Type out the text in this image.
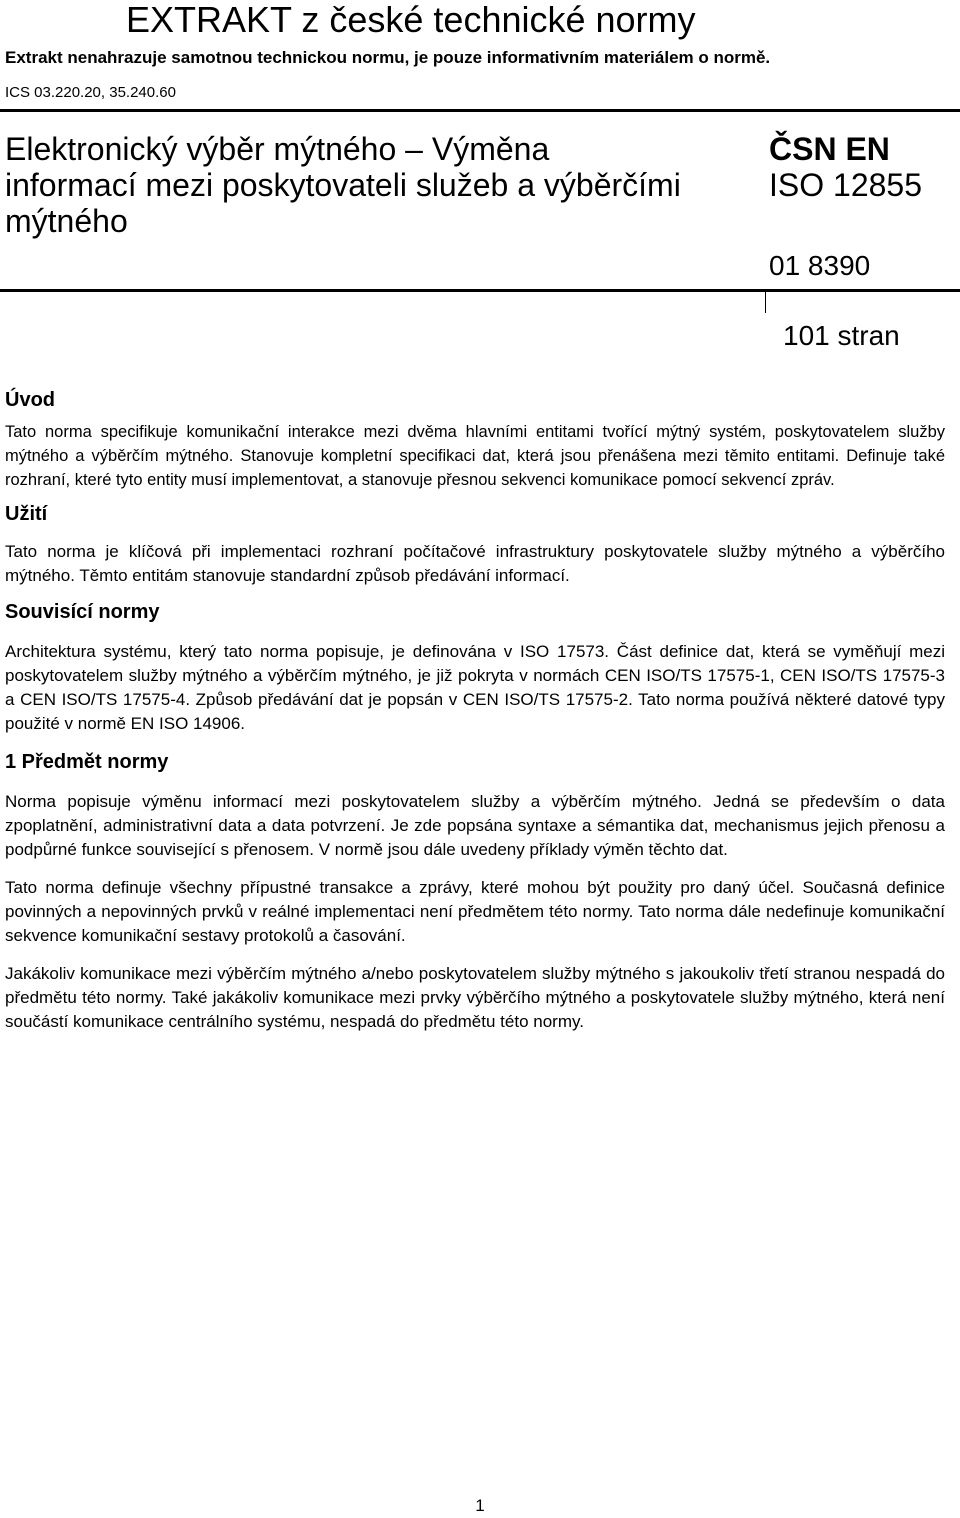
EXTRAKT z české technické normy
Extrakt nenahrazuje samotnou technickou normu, je pouze informativním materiálem o normě.
ICS 03.220.20, 35.240.60
Elektronický výběr mýtného – Výměna
informací mezi poskytovateli služeb a výběrčími
mýtného
ČSN EN
ISO 12855
01 8390
101 stran
Úvod

Tato norma specifikuje komunikační interakce mezi dvěma hlavními entitami tvořící mýtný systém, poskytovatelem služby mýtného a výběrčím mýtného. Stanovuje kompletní specifikaci dat, která jsou přenášena mezi těmito entitami. Definuje také rozhraní, které tyto entity musí implementovat, a stanovuje přesnou sekvenci komunikace pomocí sekvencí zpráv.

Užití

Tato norma je klíčová při implementaci rozhraní počítačové infrastruktury poskytovatele služby mýtného a výběrčího mýtného. Těmto entitám stanovuje standardní způsob předávání informací.

Souvisící normy

Architektura systému, který tato norma popisuje, je definována v ISO 17573. Část definice dat, která se vyměňují mezi poskytovatelem služby mýtného a výběrčím mýtného, je již pokryta v normách CEN ISO/TS 17575-1, CEN ISO/TS 17575-3 a CEN ISO/TS 17575-4. Způsob předávání dat je popsán v CEN ISO/TS 17575-2. Tato norma používá některé datové typy použité v normě EN ISO 14906.

1 Předmět normy

Norma popisuje výměnu informací mezi poskytovatelem služby a výběrčím mýtného. Jedná se především o data zpoplatnění, administrativní data a data potvrzení. Je zde popsána syntaxe a sémantika dat, mechanismus jejich přenosu a podpůrné funkce související s přenosem. V normě jsou dále uvedeny příklady výměn těchto dat.

Tato norma definuje všechny přípustné transakce a zprávy, které mohou být použity pro daný účel. Současná definice povinných a nepovinných prvků v reálné implementaci není předmětem této normy. Tato norma dále nedefinuje komunikační sekvence komunikační sestavy protokolů a časování.

Jakákoliv komunikace mezi výběrčím mýtného a/nebo poskytovatelem služby mýtného s jakoukoliv třetí stranou nespadá do předmětu této normy. Také jakákoliv komunikace mezi prvky výběrčího mýtného a poskytovatele služby mýtného, která není součástí komunikace centrálního systému, nespadá do předmětu této normy.

1
